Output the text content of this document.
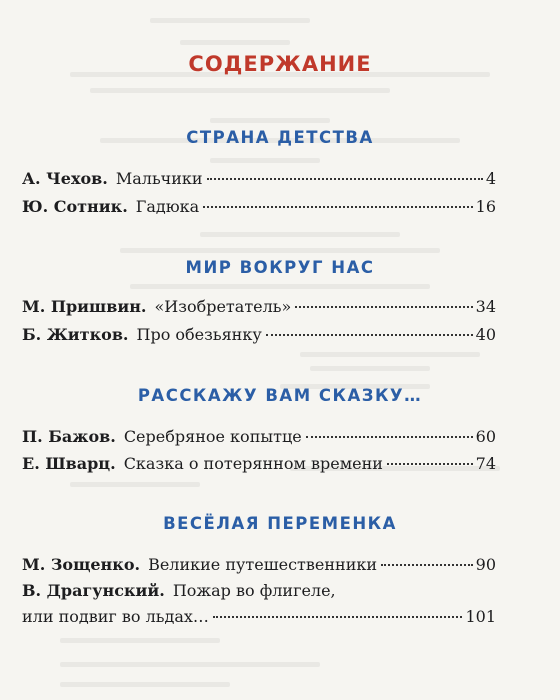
СОДЕРЖАНИЕ
СТРАНА ДЕТСТВА
А. Чехов. Мальчики	4
Ю. Сотник. Гадюка	16
МИР ВОКРУГ НАС
М. Пришвин. «Изобретатель»	34
Б. Житков. Про обезьянку	40
РАССКАЖУ ВАМ СКАЗКУ…
П. Бажов. Серебряное копытце	60
Е. Шварц. Сказка о потерянном времени	74
ВЕСЁЛАЯ ПЕРЕМЕНКА
М. Зощенко. Великие путешественники	90
В. Драгунский. Пожар во флигеле,
или подвиг во льдах…	101
